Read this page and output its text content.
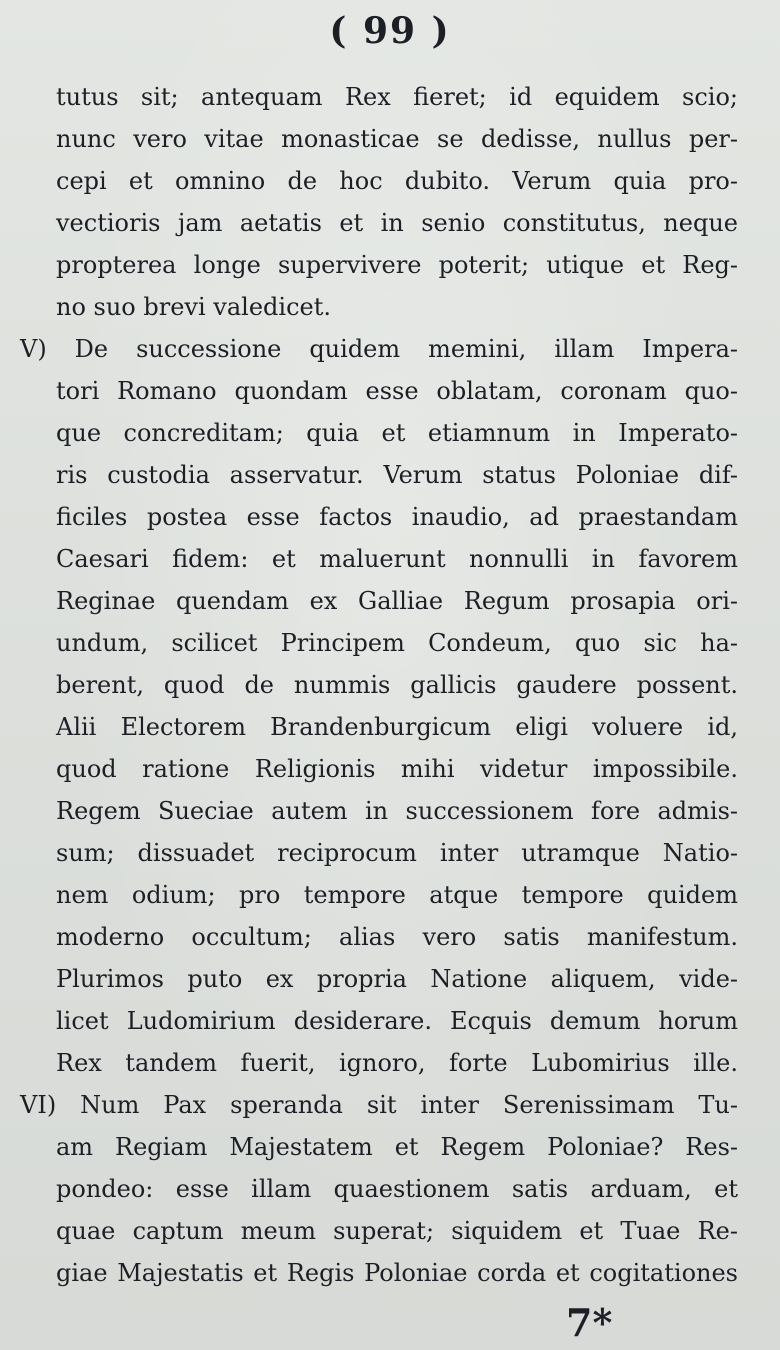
( 99 )
tutus sit; antequam Rex fieret; id equidem scio;
nunc vero vitae monasticae se dedisse, nullus per-
cepi et omnino de hoc dubito. Verum quia pro-
vectioris jam aetatis et in senio constitutus, neque
propterea longe supervivere poterit; utique et Reg-
no suo brevi valedicet.
V) De successione quidem memini, illam Impera-
tori Romano quondam esse oblatam, coronam quo-
que concreditam; quia et etiamnum in Imperato-
ris custodia asservatur. Verum status Poloniae dif-
ficiles postea esse factos inaudio, ad praestandam
Caesari fidem: et maluerunt nonnulli in favorem
Reginae quendam ex Galliae Regum prosapia ori-
undum, scilicet Principem Condeum, quo sic ha-
berent, quod de nummis gallicis gaudere possent.
Alii Electorem Brandenburgicum eligi voluere id,
quod ratione Religionis mihi videtur impossibile.
Regem Sueciae autem in successionem fore admis-
sum; dissuadet reciprocum inter utramque Natio-
nem odium; pro tempore atque tempore quidem
moderno occultum; alias vero satis manifestum.
Plurimos puto ex propria Natione aliquem, vide-
licet Ludomirium desiderare. Ecquis demum horum
Rex tandem fuerit, ignoro, forte Lubomirius ille.
VI) Num Pax speranda sit inter Serenissimam Tu-
am Regiam Majestatem et Regem Poloniae? Res-
pondeo: esse illam quaestionem satis arduam, et
quae captum meum superat; siquidem et Tuae Re-
giae Majestatis et Regis Poloniae corda et cogitationes
7*
